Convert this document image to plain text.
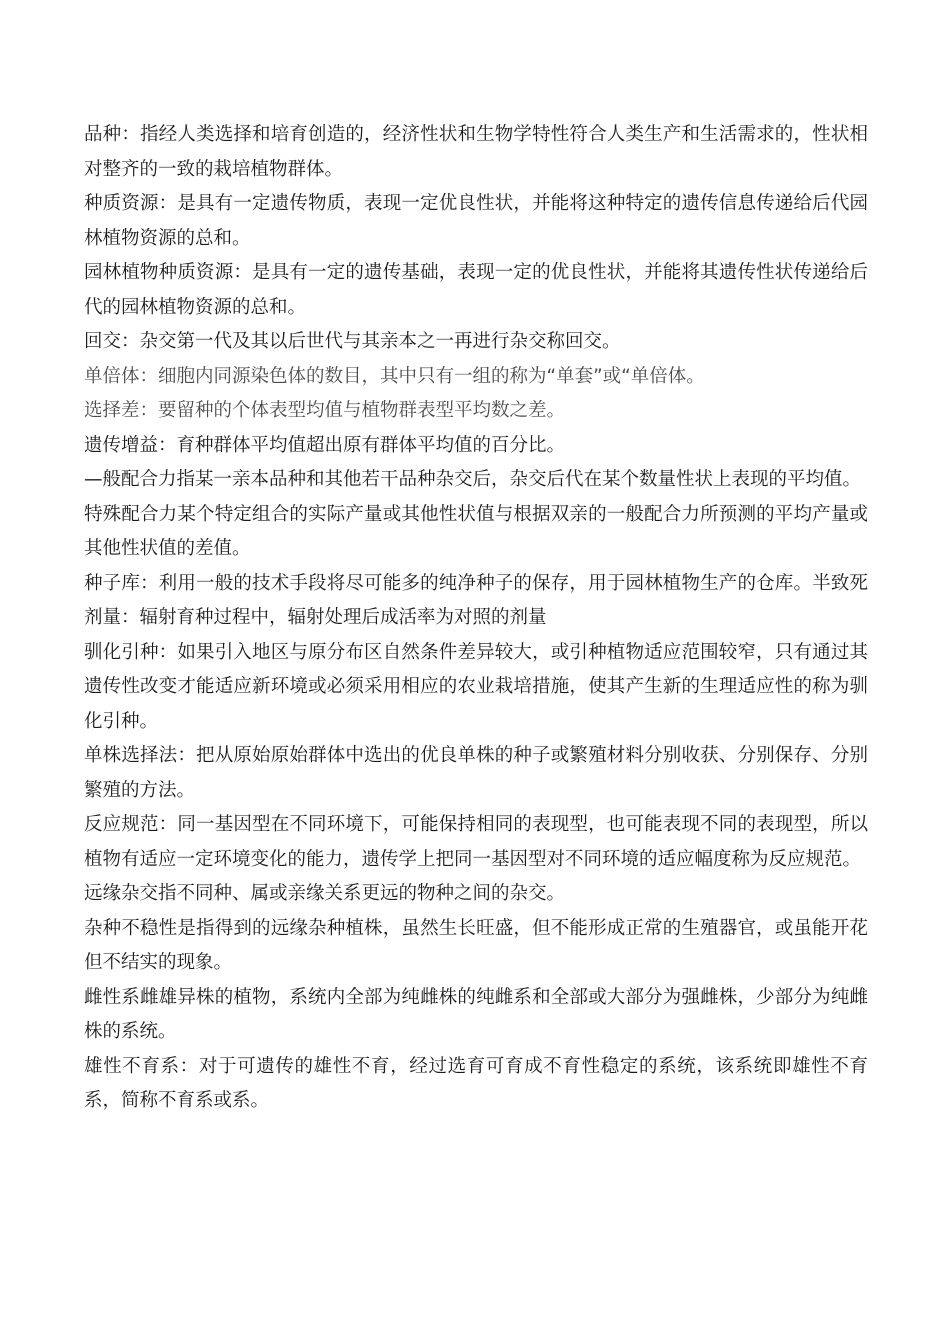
品种：指经人类选择和培育创造的，经济性状和生物学特性符合人类生产和生活需求的，性状相对整齐的一致的栽培植物群体。

种质资源：是具有一定遗传物质，表现一定优良性状，并能将这种特定的遗传信息传递给后代园林植物资源的总和。

园林植物种质资源：是具有一定的遗传基础，表现一定的优良性状，并能将其遗传性状传递给后代的园林植物资源的总和。

回交：杂交第一代及其以后世代与其亲本之一再进行杂交称回交。

单倍体：细胞内同源染色体的数目，其中只有一组的称为“单套”或“单倍体。

选择差：要留种的个体表型均值与植物群表型平均数之差。

遗传增益：育种群体平均值超出原有群体平均值的百分比。

—般配合力指某一亲本品种和其他若干品种杂交后，杂交后代在某个数量性状上表现的平均值。

特殊配合力某个特定组合的实际产量或其他性状值与根据双亲的一般配合力所预测的平均产量或其他性状值的差值。

种子库：利用一般的技术手段将尽可能多的纯净种子的保存，用于园林植物生产的仓库。半致死剂量：辐射育种过程中，辐射处理后成活率为对照的剂量

驯化引种：如果引入地区与原分布区自然条件差异较大，或引种植物适应范围较窄，只有通过其遗传性改变才能适应新环境或必须采用相应的农业栽培措施，使其产生新的生理适应性的称为驯化引种。

单株选择法：把从原始原始群体中选出的优良单株的种子或繁殖材料分别收获、分别保存、分别繁殖的方法。

反应规范：同一基因型在不同环境下，可能保持相同的表现型，也可能表现不同的表现型，所以植物有适应一定环境变化的能力，遗传学上把同一基因型对不同环境的适应幅度称为反应规范。

远缘杂交指不同种、属或亲缘关系更远的物种之间的杂交。

杂种不稳性是指得到的远缘杂种植株，虽然生长旺盛，但不能形成正常的生殖器官，或虽能开花但不结实的现象。

雌性系雌雄异株的植物，系统内全部为纯雌株的纯雌系和全部或大部分为强雌株，少部分为纯雌株的系统。

雄性不育系：对于可遗传的雄性不育，经过选育可育成不育性稳定的系统，该系统即雄性不育系，简称不育系或系。
